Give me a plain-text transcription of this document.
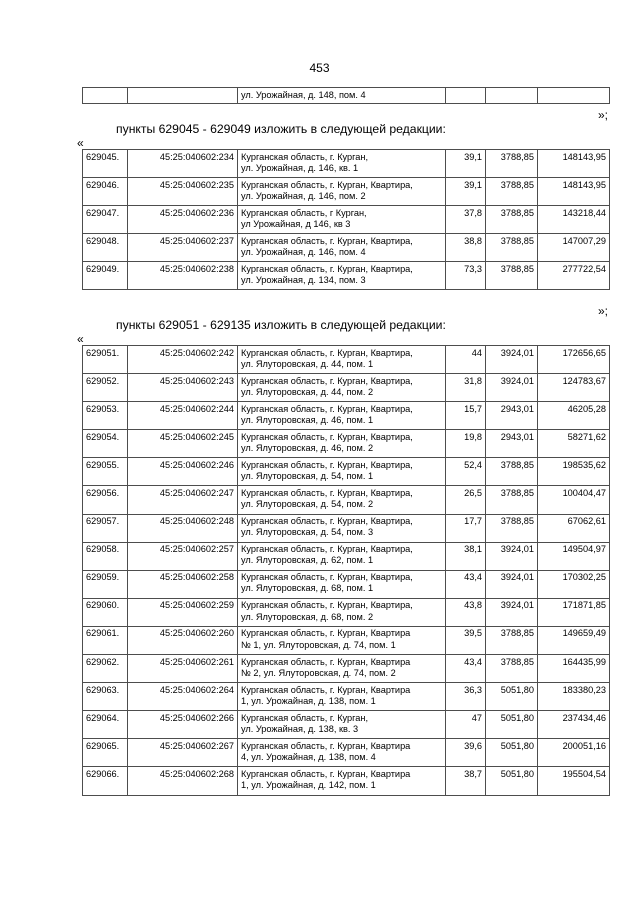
453
		ул. Урожайная, д. 148, пом. 4			
»;
пункты 629045 - 629049 изложить в следующей редакции:
«
629045.	45:25:040602:234	Курганская область, г. Курган,
ул. Урожайная, д. 146, кв. 1	39,1	3788,85	148143,95
629046.	45:25:040602:235	Курганская область, г. Курган, Квартира,
ул. Урожайная, д. 146, пом. 2	39,1	3788,85	148143,95
629047.	45:25:040602:236	Курганская область, г Курган,
ул Урожайная, д 146, кв 3	37,8	3788,85	143218,44
629048.	45:25:040602:237	Курганская область, г. Курган, Квартира,
ул. Урожайная, д. 146, пом. 4	38,8	3788,85	147007,29
629049.	45:25:040602:238	Курганская область, г. Курган, Квартира,
ул. Урожайная, д. 134, пом. 3	73,3	3788,85	277722,54
»;
пункты 629051 - 629135 изложить в следующей редакции:
«
629051.	45:25:040602:242	Курганская область, г. Курган, Квартира,
ул. Ялуторовская, д. 44, пом. 1	44	3924,01	172656,65
629052.	45:25:040602:243	Курганская область, г. Курган, Квартира,
ул. Ялуторовская, д. 44, пом. 2	31,8	3924,01	124783,67
629053.	45:25:040602:244	Курганская область, г. Курган, Квартира,
ул. Ялуторовская, д. 46, пом. 1	15,7	2943,01	46205,28
629054.	45:25:040602:245	Курганская область, г. Курган, Квартира,
ул. Ялуторовская, д. 46, пом. 2	19,8	2943,01	58271,62
629055.	45:25:040602:246	Курганская область, г. Курган, Квартира,
ул. Ялуторовская, д. 54, пом. 1	52,4	3788,85	198535,62
629056.	45:25:040602:247	Курганская область, г. Курган, Квартира,
ул. Ялуторовская, д. 54, пом. 2	26,5	3788,85	100404,47
629057.	45:25:040602:248	Курганская область, г. Курган, Квартира,
ул. Ялуторовская, д. 54, пом. 3	17,7	3788,85	67062,61
629058.	45:25:040602:257	Курганская область, г. Курган, Квартира,
ул. Ялуторовская, д. 62, пом. 1	38,1	3924,01	149504,97
629059.	45:25:040602:258	Курганская область, г. Курган, Квартира,
ул. Ялуторовская, д. 68, пом. 1	43,4	3924,01	170302,25
629060.	45:25:040602:259	Курганская область, г. Курган, Квартира,
ул. Ялуторовская, д. 68, пом. 2	43,8	3924,01	171871,85
629061.	45:25:040602:260	Курганская область, г. Курган, Квартира
№ 1, ул. Ялуторовская, д. 74, пом. 1	39,5	3788,85	149659,49
629062.	45:25:040602:261	Курганская область, г. Курган, Квартира
№ 2, ул. Ялуторовская, д. 74, пом. 2	43,4	3788,85	164435,99
629063.	45:25:040602:264	Курганская область, г. Курган, Квартира
1, ул. Урожайная, д. 138, пом. 1	36,3	5051,80	183380,23
629064.	45:25:040602:266	Курганская область, г. Курган,
ул. Урожайная, д. 138, кв. 3	47	5051,80	237434,46
629065.	45:25:040602:267	Курганская область, г. Курган, Квартира
4, ул. Урожайная, д. 138, пом. 4	39,6	5051,80	200051,16
629066.	45:25:040602:268	Курганская область, г. Курган, Квартира
1, ул. Урожайная, д. 142, пом. 1	38,7	5051,80	195504,54
